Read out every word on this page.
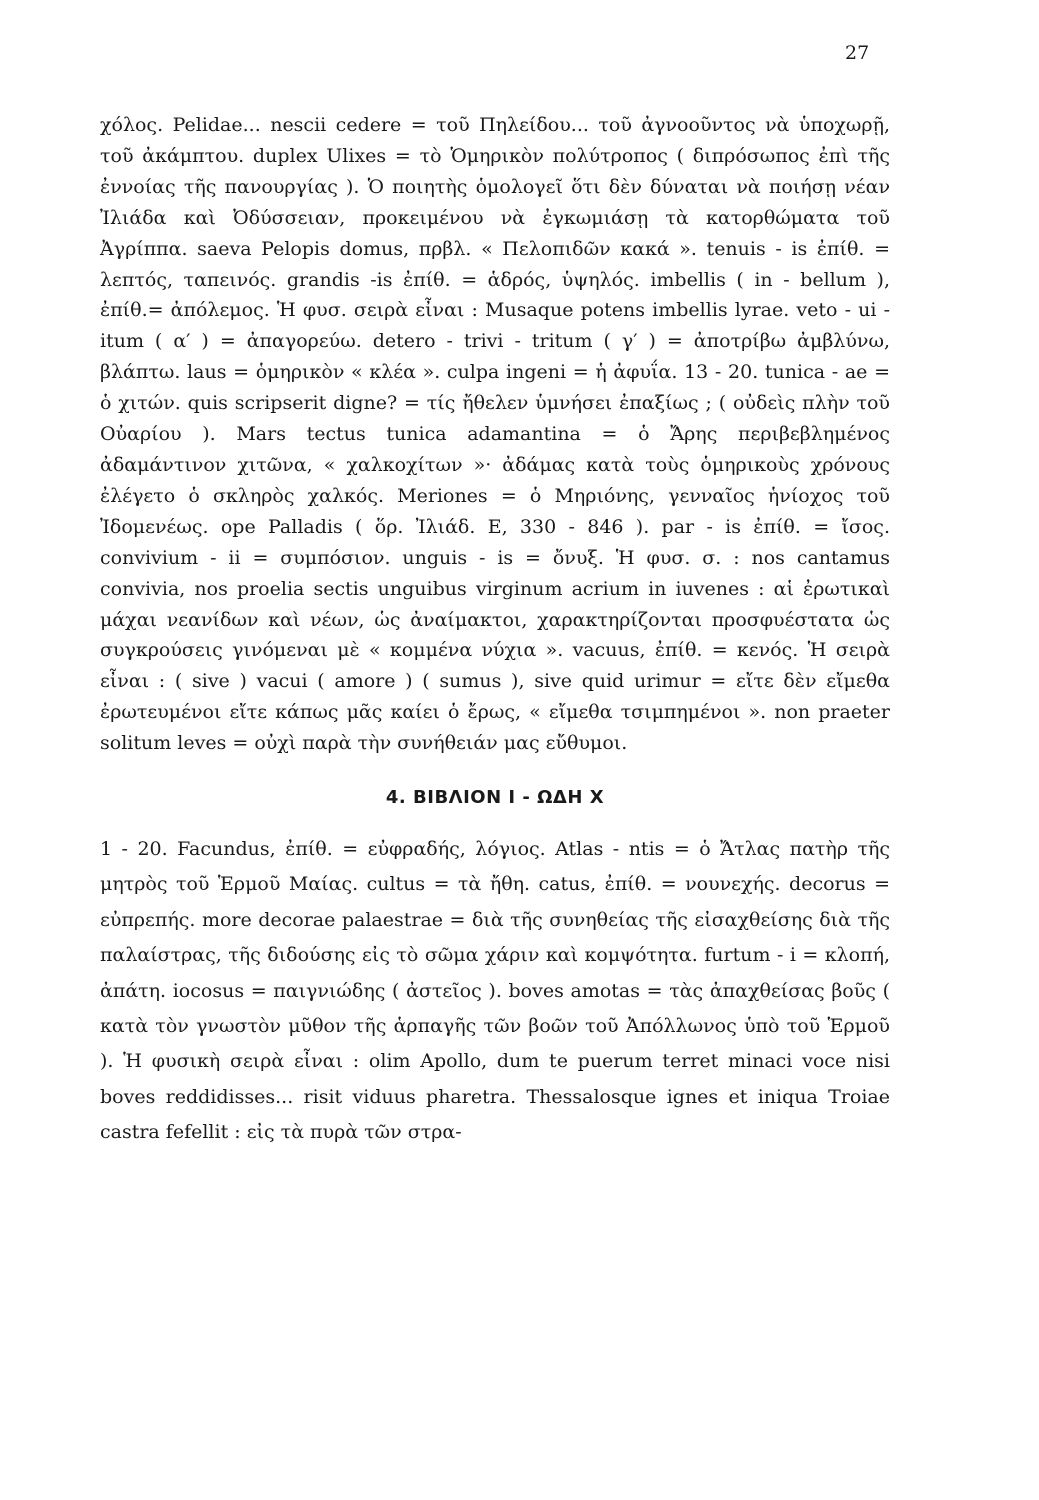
27

χόλος. Pelidae... nescii cedere = τοῦ Πηλείδου... τοῦ ἀγνοοῦντος νὰ ὑποχωρῇ, τοῦ ἀκάμπτου. duplex Ulixes = τὸ Ὁμηρικὸν πολύτροπος ( διπρόσωπος ἐπὶ τῆς ἐννοίας τῆς πανουργίας ). Ὁ ποιητὴς ὁμολογεῖ ὅτι δὲν δύναται νὰ ποιήσῃ νέαν Ἰλιάδα καὶ Ὀδύσσειαν, προκειμένου νὰ ἐγκωμιάσῃ τὰ κατορθώματα τοῦ Ἀγρίππα. saeva Pelopis domus, πρβλ. « Πελοπιδῶν κακά ». tenuis - is ἐπίθ. = λεπτός, ταπεινός. grandis -is ἐπίθ. = ἁδρός, ὑψηλός. imbellis ( in - bellum ), ἐπίθ.= ἀπόλεμος. Ἡ φυσ. σειρὰ εἶναι : Musaque potens imbellis lyrae. veto - ui - itum ( α′ ) = ἀπαγορεύω. detero - trivi - tritum ( γ′ ) = ἀποτρίβω ἀμβλύνω, βλάπτω. laus = ὁμηρικὸν « κλέα ». culpa ingeni = ἡ ἀφυΐα. 13 - 20. tunica - ae = ὁ χιτών. quis scripserit digne? = τίς ἤθελεν ὑμνήσει ἐπαξίως ; ( οὐδεὶς πλὴν τοῦ Οὐαρίου ). Mars tectus tunica adamantina = ὁ Ἄρης περιβεβλημένος ἀδαμάντινον χιτῶνα, « χαλκοχίτων »· ἀδάμας κατὰ τοὺς ὁμηρικοὺς χρόνους ἐλέγετο ὁ σκληρὸς χαλκός. Meriones = ὁ Μηριόνης, γενναῖος ἡνίοχος τοῦ Ἰδομενέως. ope Palladis ( ὅρ. Ἰλιάδ. Ε, 330 - 846 ). par - is ἐπίθ. = ἴσος. convivium - ii = συμπόσιον. unguis - is = ὄνυξ. Ἡ φυσ. σ. : nos cantamus convivia, nos proelia sectis unguibus virginum acrium in iuvenes : αἱ ἐρωτικαὶ μάχαι νεανίδων καὶ νέων, ὡς ἀναίμακτοι, χαρακτηρίζονται προσφυέστατα ὡς συγκρούσεις γινόμεναι μὲ « κομμένα νύχια ». vacuus, ἐπίθ. = κενός. Ἡ σειρὰ εἶναι : ( sive ) vacui ( amore ) ( sumus ), sive quid urimur = εἴτε δὲν εἴμεθα ἐρωτευμένοι εἴτε κάπως μᾶς καίει ὁ ἔρως, « εἴμεθα τσιμπημένοι ». non praeter solitum leves = οὐχὶ παρὰ τὴν συνήθειάν μας εὔθυμοι.

4. ΒΙΒΛΙΟΝ Ι - ΩΔΗ Χ

1 - 20. Facundus, ἐπίθ. = εὐφραδής, λόγιος. Atlas - ntis = ὁ Ἄτλας πατὴρ τῆς μητρὸς τοῦ Ἑρμοῦ Μαίας. cultus = τὰ ἤθη. catus, ἐπίθ. = νουνεχής. decorus = εὐπρεπής. more decorae palaestrae = διὰ τῆς συνηθείας τῆς εἰσαχθείσης διὰ τῆς παλαίστρας, τῆς διδούσης εἰς τὸ σῶμα χάριν καὶ κομψότητα. furtum - i = κλοπή, ἀπάτη. iocosus = παιγνιώδης ( ἀστεῖος ). boves amotas = τὰς ἀπαχθείσας βοῦς ( κατὰ τὸν γνωστὸν μῦθον τῆς ἁρπαγῆς τῶν βοῶν τοῦ Ἀπόλλωνος ὑπὸ τοῦ Ἑρμοῦ ). Ἡ φυσικὴ σειρὰ εἶναι : olim Apollo, dum te puerum terret minaci voce nisi boves reddidisses... risit viduus pharetra. Thessalosque ignes et iniqua Troiae castra fefellit : εἰς τὰ πυρὰ τῶν στρα-
